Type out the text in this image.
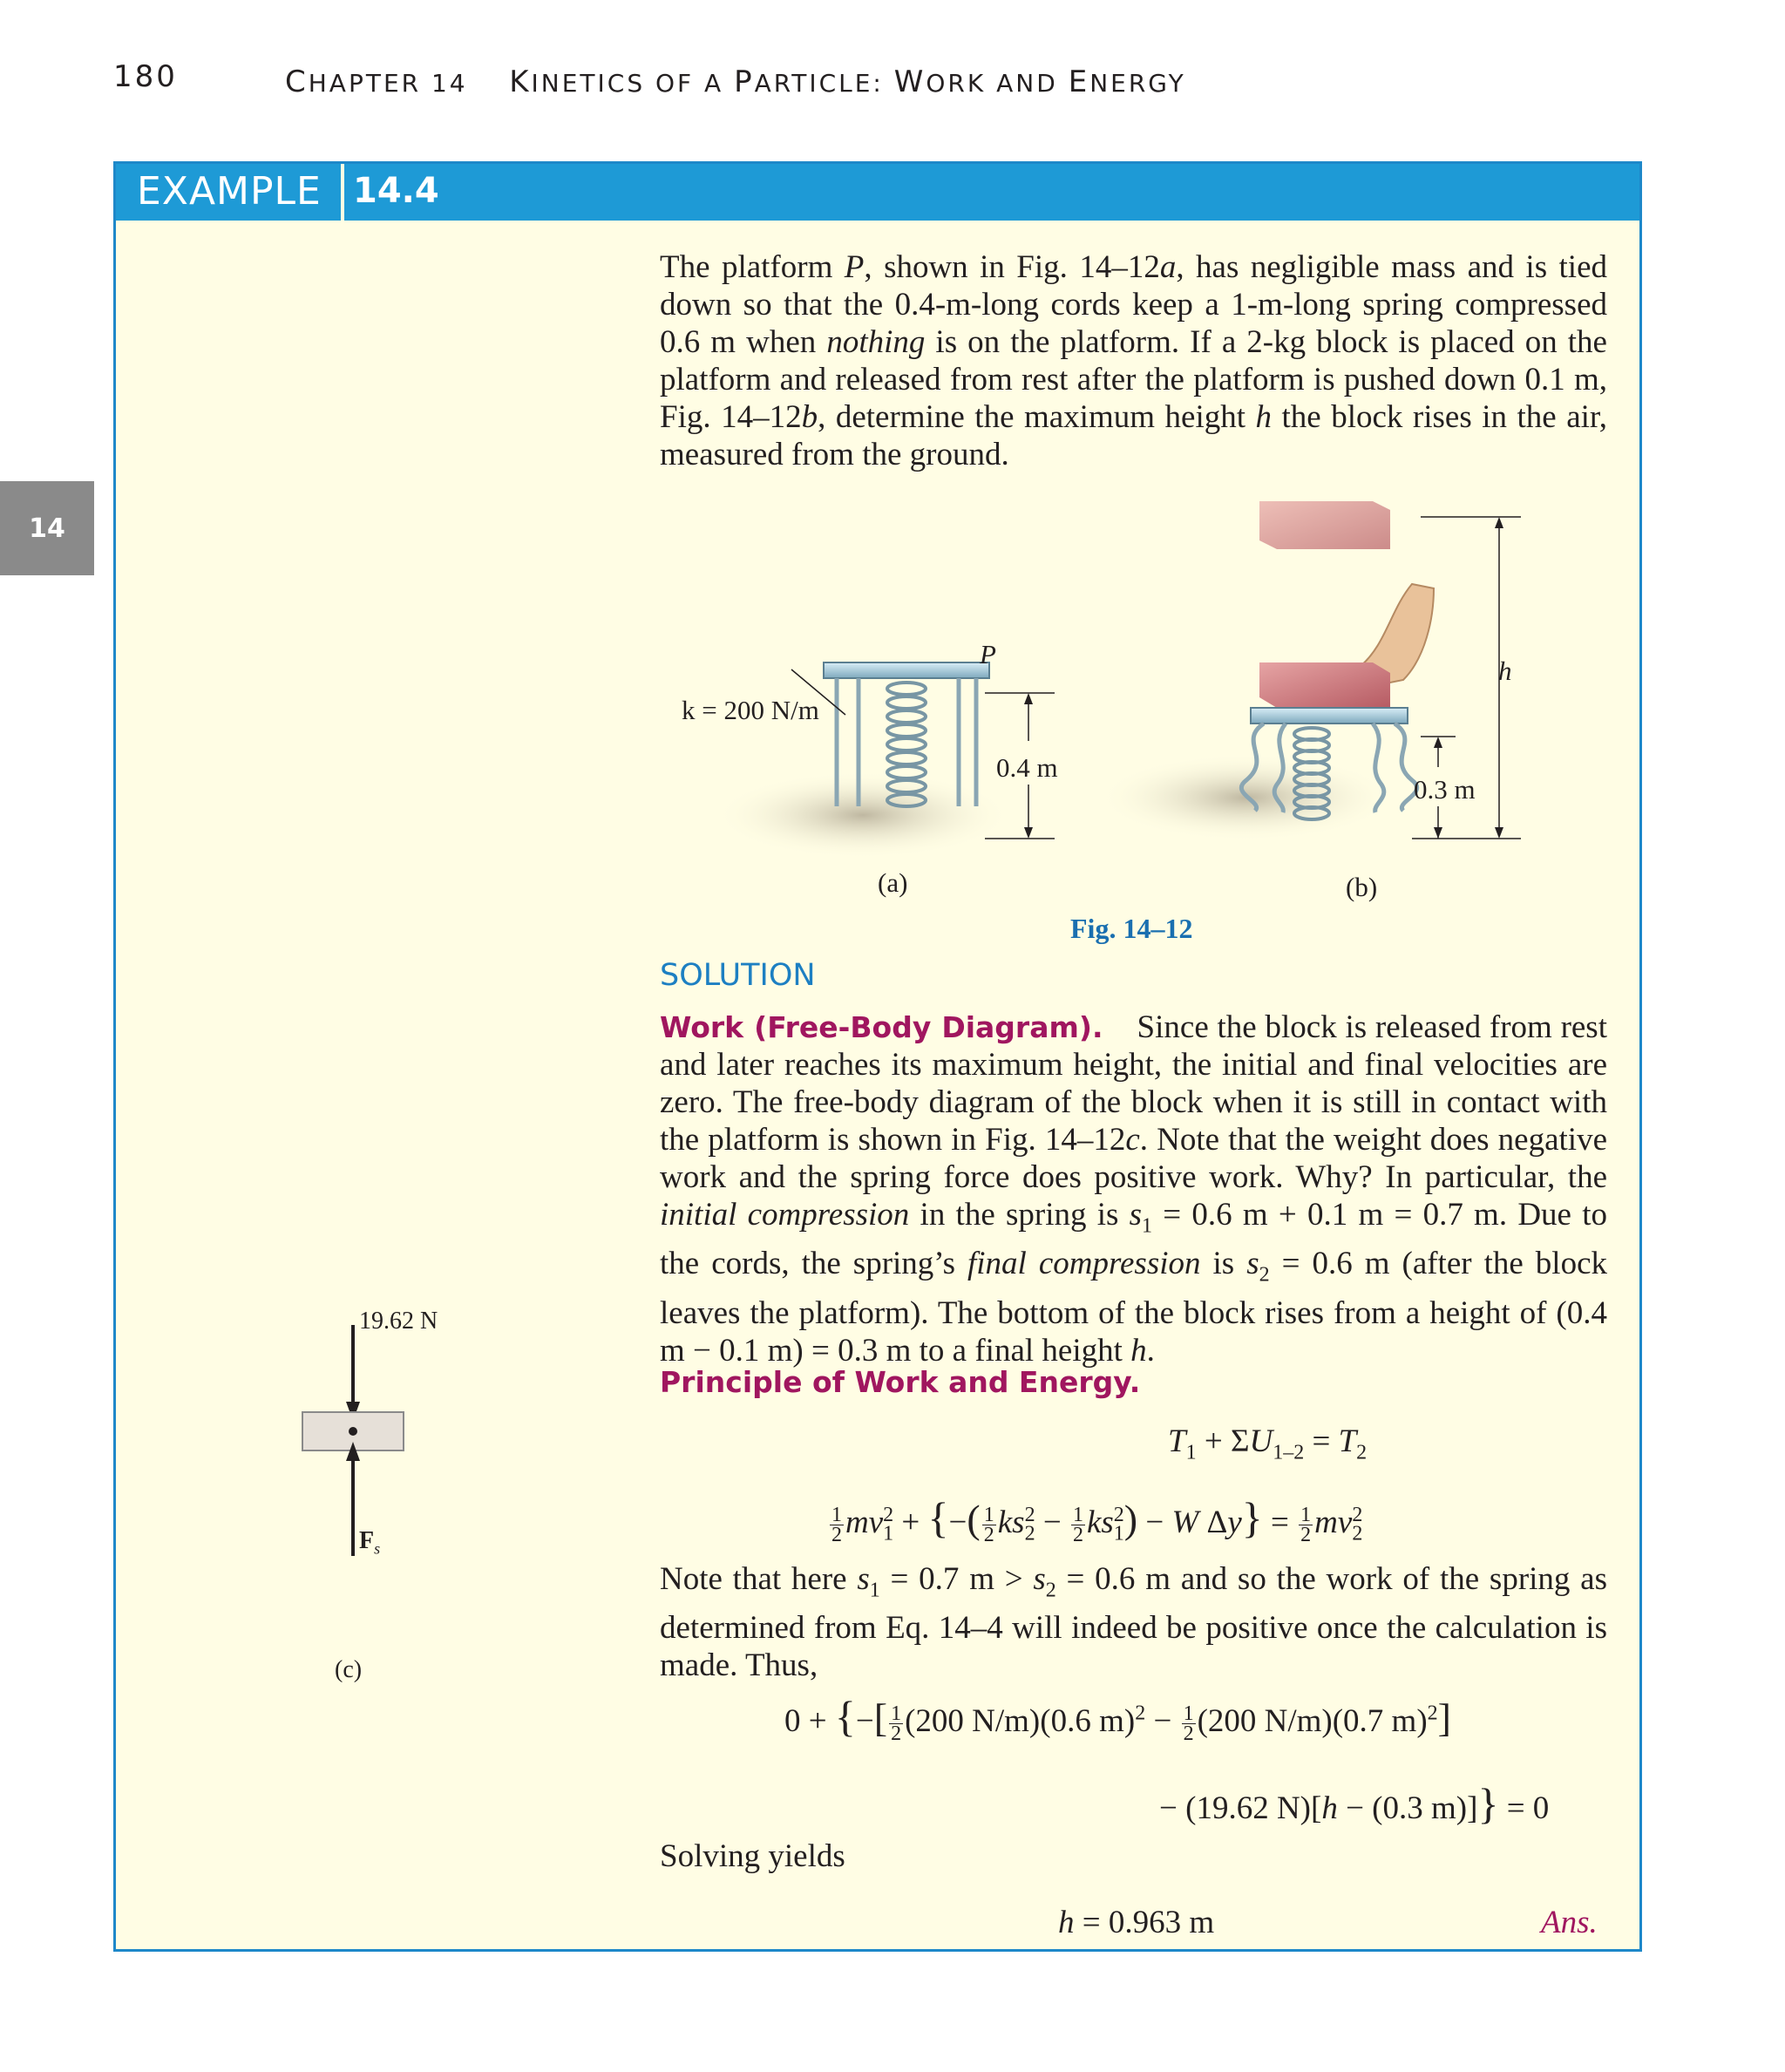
180	CHAPTER 14    KINETICS OF A PARTICLE: WORK AND ENERGY
14
EXAMPLE 14.4
The platform P, shown in Fig. 14–12a, has negligible mass and is tied down so that the 0.4-m-long cords keep a 1-m-long spring compressed 0.6 m when nothing is on the platform. If a 2-kg block is placed on the platform and released from rest after the platform is pushed down 0.1 m, Fig. 14–12b, determine the maximum height h the block rises in the air, measured from the ground.
k = 200 N/m
P
0.4 m
(a)
0.3 m
h
(b)
Fig. 14–12
19.62 N
$F_s$
(c)
SOLUTION
Work (Free-Body Diagram).    Since the block is released from rest and later reaches its maximum height, the initial and final velocities are zero. The free-body diagram of the block when it is still in contact with the platform is shown in Fig. 14–12c. Note that the weight does negative work and the spring force does positive work. Why? In particular, the initial compression in the spring is $s_1 = 0.6$ m + 0.1 m = 0.7 m. Due to the cords, the spring’s final compression is $s_2 = 0.6$ m (after the block leaves the platform). The bottom of the block rises from a height of (0.4 m − 0.1 m) = 0.3 m to a final height h.
Principle of Work and Energy.
$T_1 + \Sigma U_{1-2} = T_2$
$\frac{1}{2} mv_1^2$ + {−( $\frac{1}{2} ks_2^2 - \frac{1}{2} ks_1^2) - W$ $\Delta y\} = \frac{1}{2} mv_2^2$
Note that here $s_1 = 0.7$ $m > s_2 = 0.6$ m and so the work of the spring as determined from Eq. 14–4 will indeed be positive once the calculation is made. Thus,
0 + {−[ $\frac{1}{2} (200$ N/m)(0.6 $m)^2 - \frac{1}{2} (200$ N/m)(0.7 m)$^2$]
− (19.62 N)[h − (0.3 m)]} = 0
Solving yields
h = 0.963 m	Ans.
